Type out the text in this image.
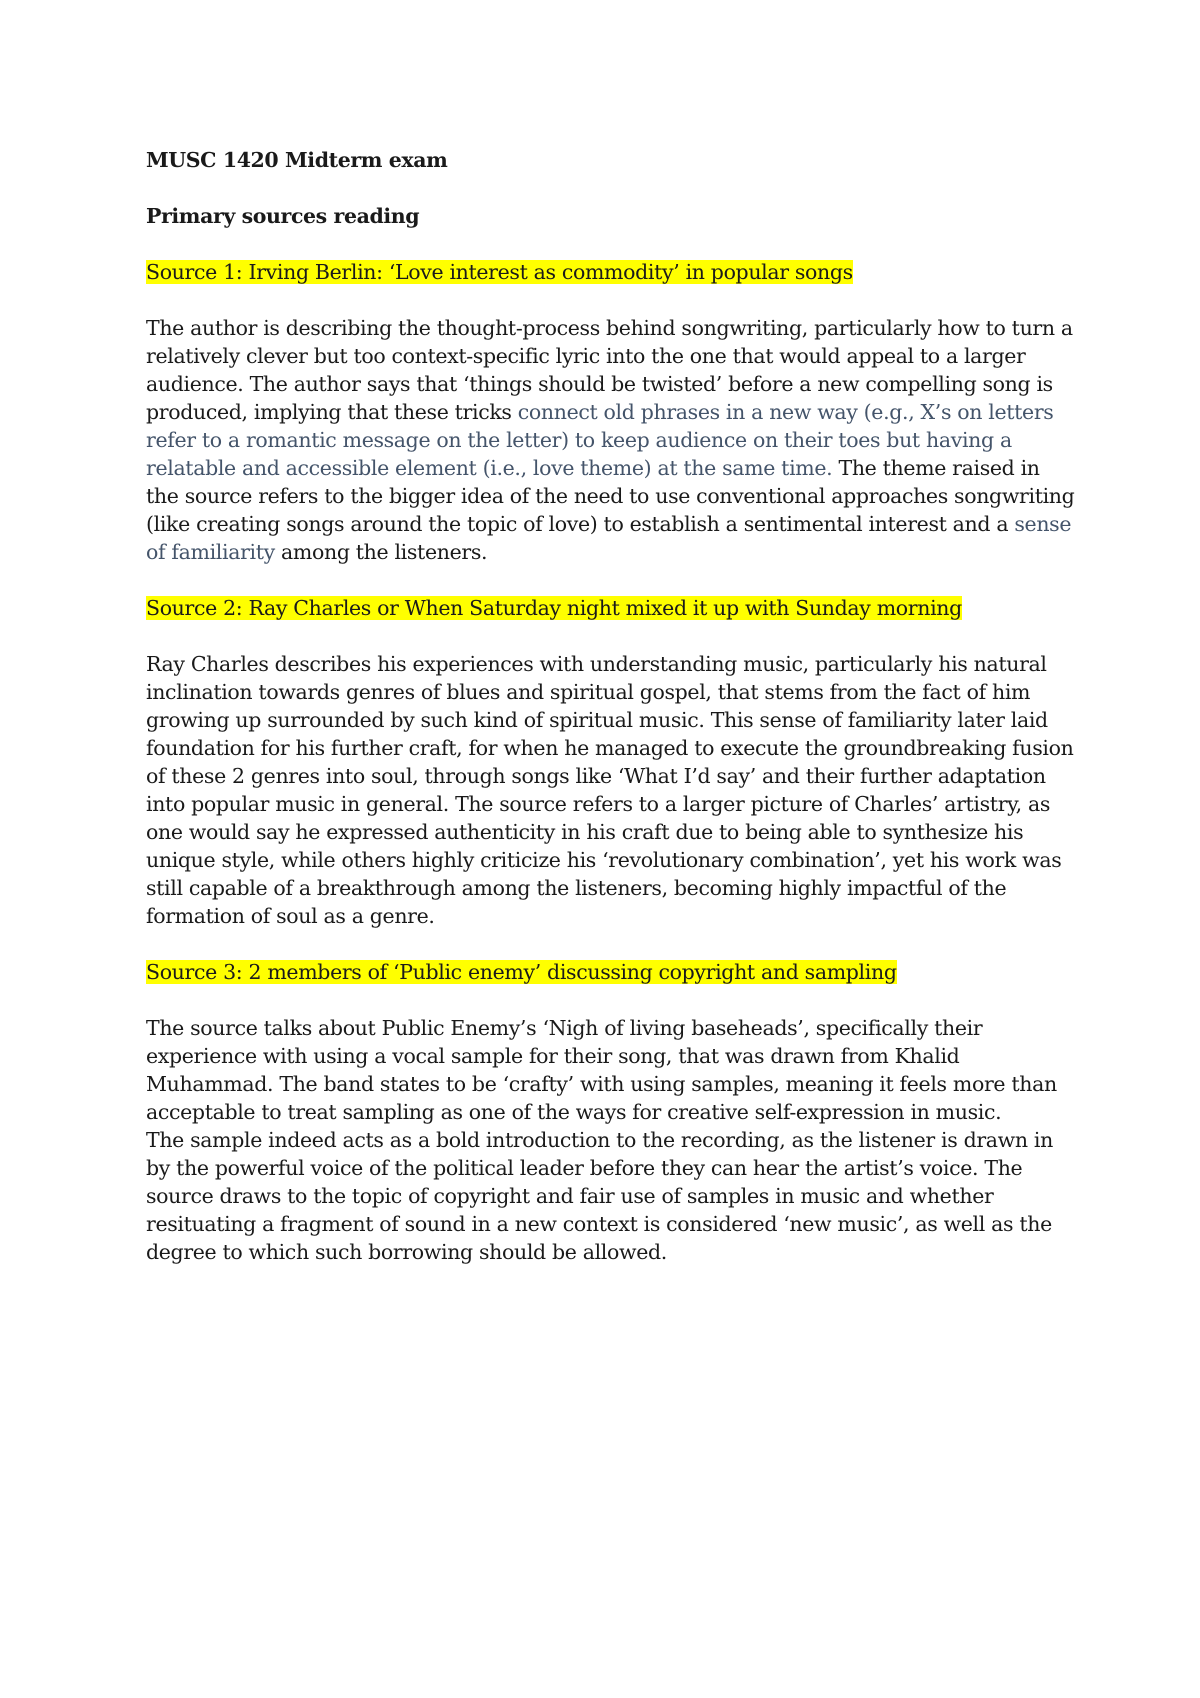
MUSC 1420 Midterm exam

Primary sources reading

Source 1: Irving Berlin: ‘Love interest as commodity’ in popular songs

The author is describing the thought-process behind songwriting, particularly how to turn a relatively clever but too context-specific lyric into the one that would appeal to a larger audience. The author says that ‘things should be twisted’ before a new compelling song is produced, implying that these tricks connect old phrases in a new way (e.g., X’s on letters refer to a romantic message on the letter) to keep audience on their toes but having a relatable and accessible element (i.e., love theme) at the same time. The theme raised in the source refers to the bigger idea of the need to use conventional approaches songwriting (like creating songs around the topic of love) to establish a sentimental interest and a sense of familiarity among the listeners.

Source 2: Ray Charles or When Saturday night mixed it up with Sunday morning

Ray Charles describes his experiences with understanding music, particularly his natural inclination towards genres of blues and spiritual gospel, that stems from the fact of him growing up surrounded by such kind of spiritual music. This sense of familiarity later laid foundation for his further craft, for when he managed to execute the groundbreaking fusion of these 2 genres into soul, through songs like ‘What I’d say’ and their further adaptation into popular music in general. The source refers to a larger picture of Charles’ artistry, as one would say he expressed authenticity in his craft due to being able to synthesize his unique style, while others highly criticize his ‘revolutionary combination’, yet his work was still capable of a breakthrough among the listeners, becoming highly impactful of the formation of soul as a genre.

Source 3: 2 members of ‘Public enemy’ discussing copyright and sampling

The source talks about Public Enemy’s ‘Nigh of living baseheads’, specifically their experience with using a vocal sample for their song, that was drawn from Khalid Muhammad. The band states to be ‘crafty’ with using samples, meaning it feels more than acceptable to treat sampling as one of the ways for creative self-expression in music.

The sample indeed acts as a bold introduction to the recording, as the listener is drawn in by the powerful voice of the political leader before they can hear the artist’s voice. The source draws to the topic of copyright and fair use of samples in music and whether resituating a fragment of sound in a new context is considered ‘new music’, as well as the degree to which such borrowing should be allowed.
